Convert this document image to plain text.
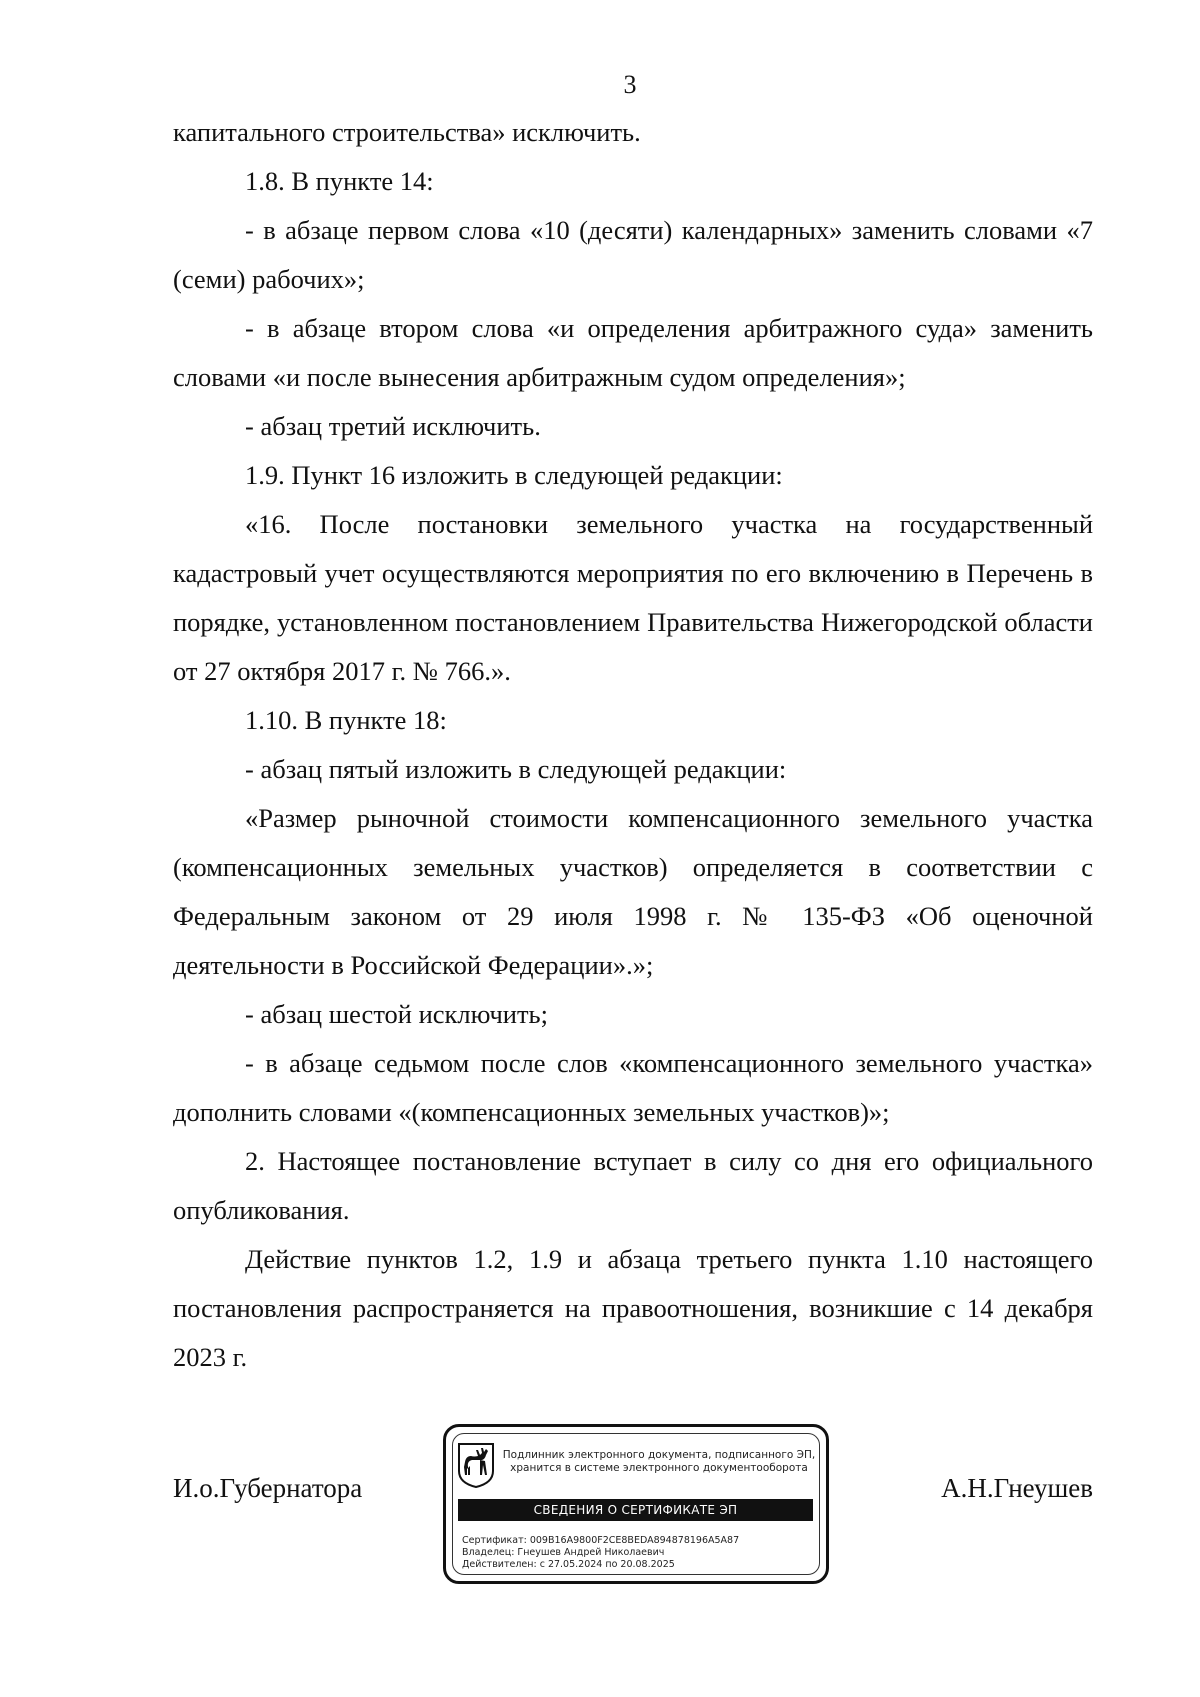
3

капитального строительства» исключить.

1.8. В пункте 14:

- в абзаце первом слова «10 (десяти) календарных» заменить словами «7 (семи) рабочих»;

- в абзаце втором слова «и определения арбитражного суда» заменить словами «и после вынесения арбитражным судом определения»;

- абзац третий исключить.

1.9. Пункт 16 изложить в следующей редакции:

«16. После постановки земельного участка на государственный кадастровый учет осуществляются мероприятия по его включению в Перечень в порядке, установленном постановлением Правительства Нижегородской области от 27 октября 2017 г. № 766.».

1.10. В пункте 18:

- абзац пятый изложить в следующей редакции:

«Размер рыночной стоимости компенсационного земельного участка (компенсационных земельных участков) определяется в соответствии с Федеральным законом от 29 июля 1998 г. № 135-ФЗ «Об оценочной деятельности в Российской Федерации».»;

- абзац шестой исключить;

- в абзаце седьмом после слов «компенсационного земельного участка» дополнить словами «(компенсационных земельных участков)»;

2. Настоящее постановление вступает в силу со дня его официального опубликования.

Действие пунктов 1.2, 1.9 и абзаца третьего пункта 1.10 настоящего постановления распространяется на правоотношения, возникшие с 14 декабря 2023 г.

И.о.Губернатора	А.Н.Гнеушев
Подлинник электронного документа, подписанного ЭП,
хранится в системе электронного документооборота
СВЕДЕНИЯ О СЕРТИФИКАТЕ ЭП
Сертификат: 009B16A9800F2CE8BEDA894878196A5A87
Владелец: Гнеушев Андрей Николаевич
Действителен: с 27.05.2024 по 20.08.2025
